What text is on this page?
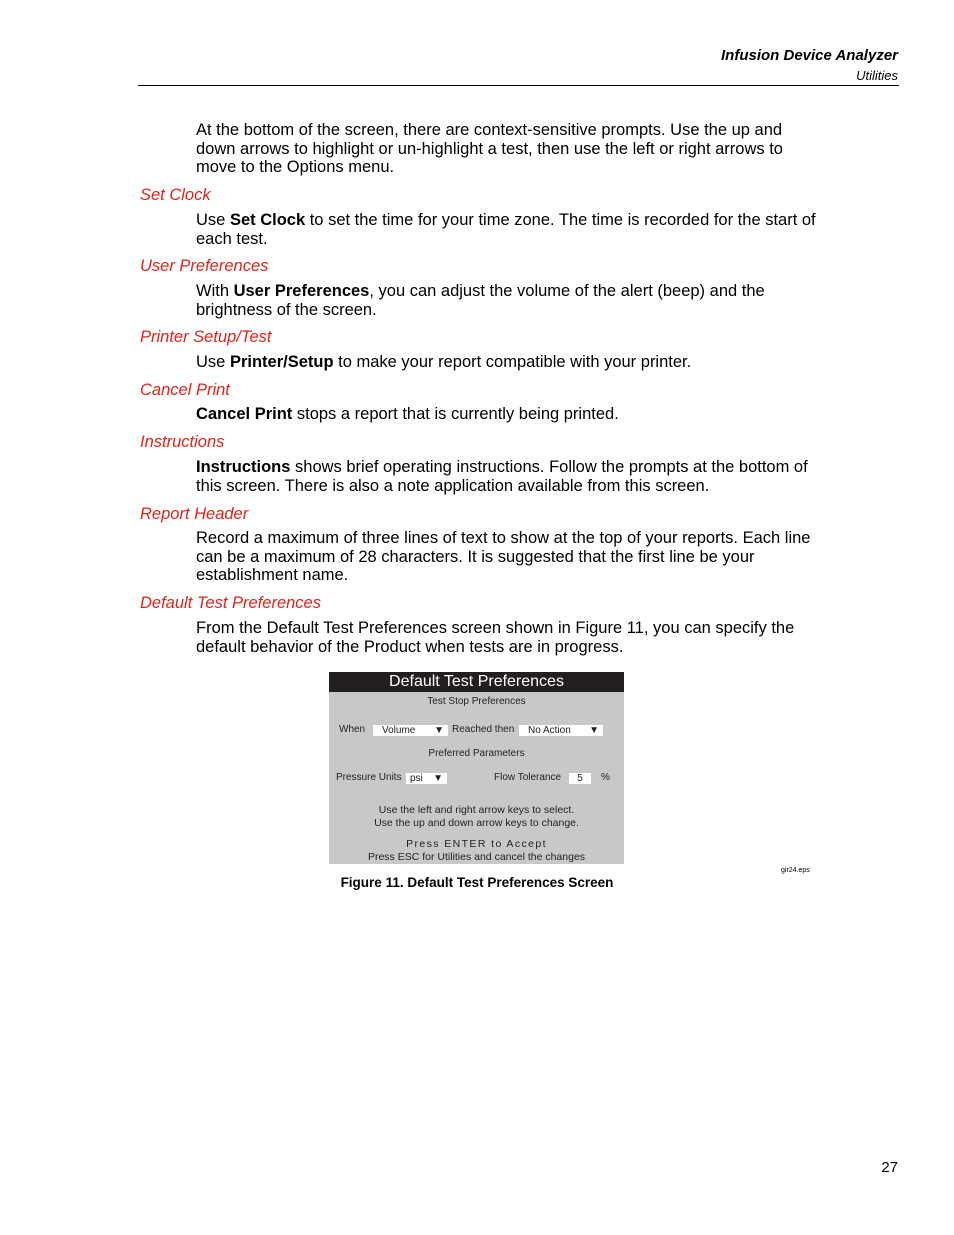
Infusion Device Analyzer
Utilities
At the bottom of the screen, there are context-sensitive prompts. Use the up and down arrows to highlight or un-highlight a test, then use the left or right arrows to move to the Options menu.
Set Clock
Use Set Clock to set the time for your time zone. The time is recorded for the start of each test.
User Preferences
With User Preferences, you can adjust the volume of the alert (beep) and the brightness of the screen.
Printer Setup/Test
Use Printer/Setup to make your report compatible with your printer.
Cancel Print
Cancel Print stops a report that is currently being printed.
Instructions
Instructions shows brief operating instructions. Follow the prompts at the bottom of this screen. There is also a note application available from this screen.
Report Header
Record a maximum of three lines of text to show at the top of your reports. Each line can be a maximum of 28 characters. It is suggested that the first line be your establishment name.
Default Test Preferences
From the Default Test Preferences screen shown in Figure 11, you can specify the default behavior of the Product when tests are in progress.
Default Test Preferences
Test Stop Preferences
When Volume ▼ Reached then No Action ▼
Preferred Parameters
Pressure Units psi ▼	Flow Tolerance	5	%
Use the left and right arrow keys to select.
Use the up and down arrow keys to change.
Press ENTER to Accept
Press ESC for Utilities and cancel the changes
gir24.eps
Figure 11. Default Test Preferences Screen
27
